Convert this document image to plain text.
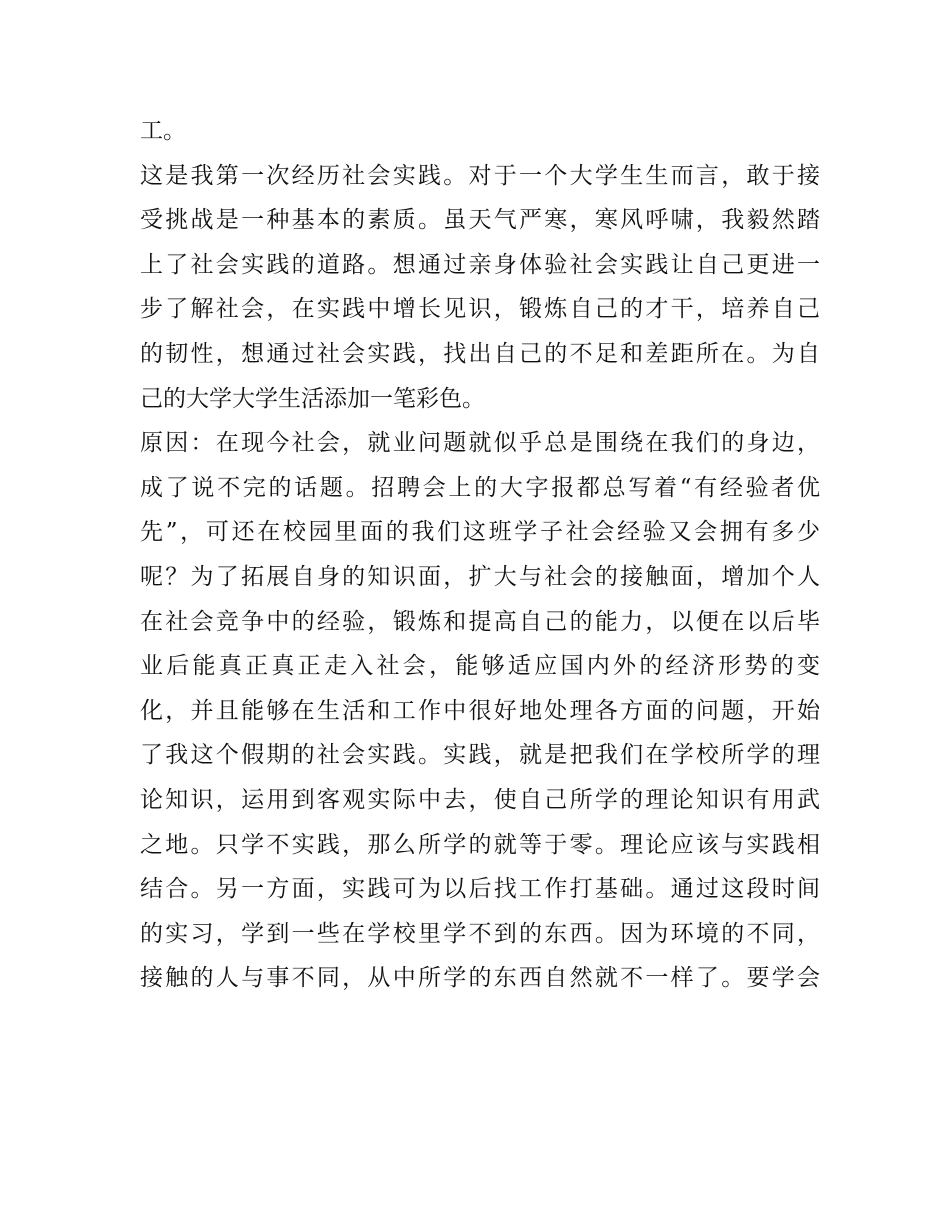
工。
这是我第一次经历社会实践。对于一个大学生生而言，敢于接
受挑战是一种基本的素质。虽天气严寒，寒风呼啸，我毅然踏
上了社会实践的道路。想通过亲身体验社会实践让自己更进一
步了解社会，在实践中增长见识，锻炼自己的才干，培养自己
的韧性，想通过社会实践，找出自己的不足和差距所在。为自
己的大学大学生活添加一笔彩色。
原因：在现今社会，就业问题就似乎总是围绕在我们的身边，
成了说不完的话题。招聘会上的大字报都总写着“有经验者优
先”，可还在校园里面的我们这班学子社会经验又会拥有多少
呢？为了拓展自身的知识面，扩大与社会的接触面，增加个人
在社会竞争中的经验，锻炼和提高自己的能力，以便在以后毕
业后能真正真正走入社会，能够适应国内外的经济形势的变
化，并且能够在生活和工作中很好地处理各方面的问题，开始
了我这个假期的社会实践。实践，就是把我们在学校所学的理
论知识，运用到客观实际中去，使自己所学的理论知识有用武
之地。只学不实践，那么所学的就等于零。理论应该与实践相
结合。另一方面，实践可为以后找工作打基础。通过这段时间
的实习，学到一些在学校里学不到的东西。因为环境的不同，
接触的人与事不同，从中所学的东西自然就不一样了。要学会
